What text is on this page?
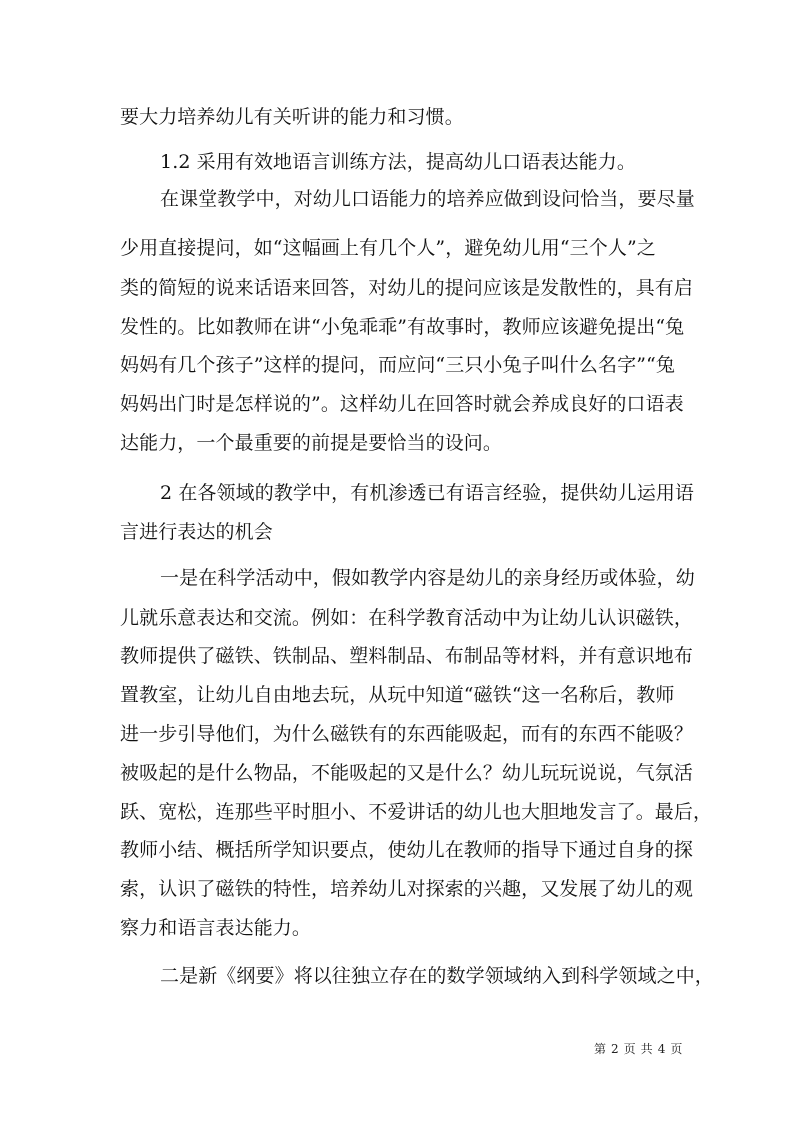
要大力培养幼儿有关听讲的能力和习惯。
1.2 采用有效地语言训练方法，提高幼儿口语表达能力。
在课堂教学中，对幼儿口语能力的培养应做到设问恰当，要尽量
少用直接提问，如“这幅画上有几个人”，避免幼儿用“三个人”之
类的简短的说来话语来回答，对幼儿的提问应该是发散性的，具有启
发性的。比如教师在讲“小兔乖乖”有故事时，教师应该避免提出“兔
妈妈有几个孩子”这样的提问，而应问“三只小兔子叫什么名字”“兔
妈妈出门时是怎样说的”。这样幼儿在回答时就会养成良好的口语表
达能力，一个最重要的前提是要恰当的设问。
2 在各领域的教学中，有机渗透已有语言经验，提供幼儿运用语
言进行表达的机会
一是在科学活动中，假如教学内容是幼儿的亲身经历或体验，幼
儿就乐意表达和交流。例如：在科学教育活动中为让幼儿认识磁铁，
教师提供了磁铁、铁制品、塑料制品、布制品等材料，并有意识地布
置教室，让幼儿自由地去玩，从玩中知道“磁铁“这一名称后，教师
进一步引导他们，为什么磁铁有的东西能吸起，而有的东西不能吸？
被吸起的是什么物品，不能吸起的又是什么？幼儿玩玩说说，气氛活
跃、宽松，连那些平时胆小、不爱讲话的幼儿也大胆地发言了。最后，
教师小结、概括所学知识要点，使幼儿在教师的指导下通过自身的探
索，认识了磁铁的特性，培养幼儿对探索的兴趣，又发展了幼儿的观
察力和语言表达能力。
二是新《纲要》将以往独立存在的数学领域纳入到科学领域之中，
第 2 页 共 4 页
